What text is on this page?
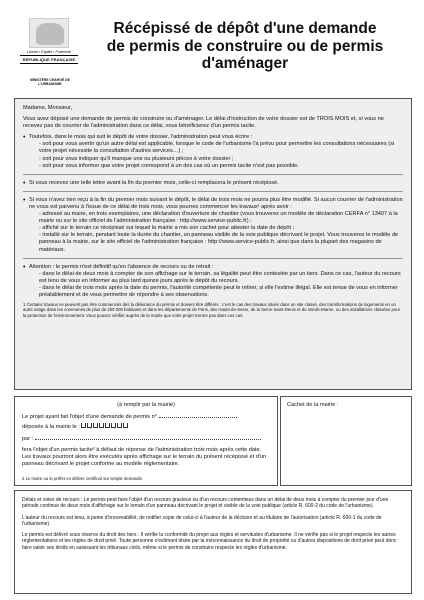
Liberté • Égalité • Fraternité
RÉPUBLIQUE FRANÇAISE
MINISTÈRE CHARGÉ DE L'URBANISME
Récépissé de dépôt d'une demande
de permis de construire ou de permis d'aménager

Madame, Monsieur,

Vous avez déposé une demande de permis de construire ou d'aménager. Le délai d'instruction de votre dossier est de TROIS MOIS et, si vous ne recevez pas de courrier de l'administration dans ce délai, vous bénéficierez d'un permis tacite.

• Toutefois, dans le mois qui suit le dépôt de votre dossier, l'administration peut vous écrire :
- soit pour vous avertir qu'un autre délai est applicable, lorsque le code de l'urbanisme l'a prévu pour permettre les consultations nécessaires (si votre projet nécessite la consultation d'autres services…) ;
- soit pour vous indiquer qu'il manque une ou plusieurs pièces à votre dossier ;
- soit pour vous informer que votre projet correspond à un des cas où un permis tacite n'est pas possible.
• Si vous recevez une telle lettre avant la fin du premier mois, celle-ci remplacera le présent récépissé.
• Si vous n'avez rien reçu à la fin du premier mois suivant le dépôt, le délai de trois mois ne pourra plus être modifié. Si aucun courrier de l'administration ne vous est parvenu à l'issue de ce délai de trois mois, vous pourrez commencer les travaux¹ après avoir :
- adressé au maire, en trois exemplaires, une déclaration d'ouverture de chantier (vous trouverez un modèle de déclaration CERFA n° 13407 à la mairie ou sur le site officiel de l'administration française : http://www.service-public.fr) ;
- affiché sur le terrain ce récépissé sur lequel la mairie a mis son cachet pour attester la date de dépôt ;
- installé sur le terrain, pendant toute la durée du chantier, un panneau visible de la voie publique décrivant le projet. Vous trouverez le modèle de panneau à la mairie, sur le site officiel de l'administration française : http://www.service-public.fr, ainsi que dans la plupart des magasins de matériaux.
• Attention : le permis n'est définitif qu'en l'absence de recours ou de retrait :
- dans le délai de deux mois à compter de son affichage sur le terrain, sa légalité peut être contestée par un tiers. Dans ce cas, l'auteur du recours est tenu de vous en informer au plus tard quinze jours après le dépôt du recours.
- dans le délai de trois mois après la date du permis, l'autorité compétente peut le retirer, si elle l'estime illégal. Elle est tenue de vous en informer préalablement et de vous permettre de répondre à ses observations.
1 Certains travaux ne peuvent pas être commencés dès la délivrance du permis et doivent être différés : c'est le cas des travaux situés dans un site classé, des transformations de logements en un autre usage dans les communes de plus de 200 000 habitants et dans les départements de Paris, des Hauts-de-Seine, de la Seine-Saint-Denis et du Val-de-Marne, ou des installations classées pour la protection de l'environnement. Vous pouvez vérifier auprès de la mairie que votre projet n'entre pas dans ces cas.
(à remplir par la mairie)
Le projet ayant fait l'objet d'une demande de permis n°
déposée à la mairie le :
par :
fera l'objet d'un permis tacite² à défaut de réponse de l'administration trois mois après cette date. Les travaux pourront alors être exécutés après affichage sur le terrain du présent récépissé et d'un panneau décrivant le projet conforme au modèle réglementaire.
2 Le maire ou le préfet en délivre certificat sur simple demande.
Cachet de la mairie :

Délais et voies de recours : Le permis peut faire l'objet d'un recours gracieux ou d'un recours contentieux dans un délai de deux mois à compter du premier jour d'une période continue de deux mois d'affichage sur le terrain d'un panneau décrivant le projet et visible de la voie publique (article R. 600-2 du code de l'urbanisme).

L'auteur du recours est tenu, à peine d'irrecevabilité, de notifier copie de celui-ci à l'auteur de la décision et au titulaire de l'autorisation (article R. 600-1 du code de l'urbanisme).

Le permis est délivré sous réserve du droit des tiers : Il vérifie la conformité du projet aux règles et servitudes d'urbanisme. Il ne vérifie pas si le projet respecte les autres réglementations et les règles de droit privé. Toute personne s'estimant lésée par la méconnaissance du droit de propriété ou d'autres dispositions de droit privé peut donc faire valoir ses droits en saisissant les tribunaux civils, même si le permis de construire respecte les règles d'urbanisme.
